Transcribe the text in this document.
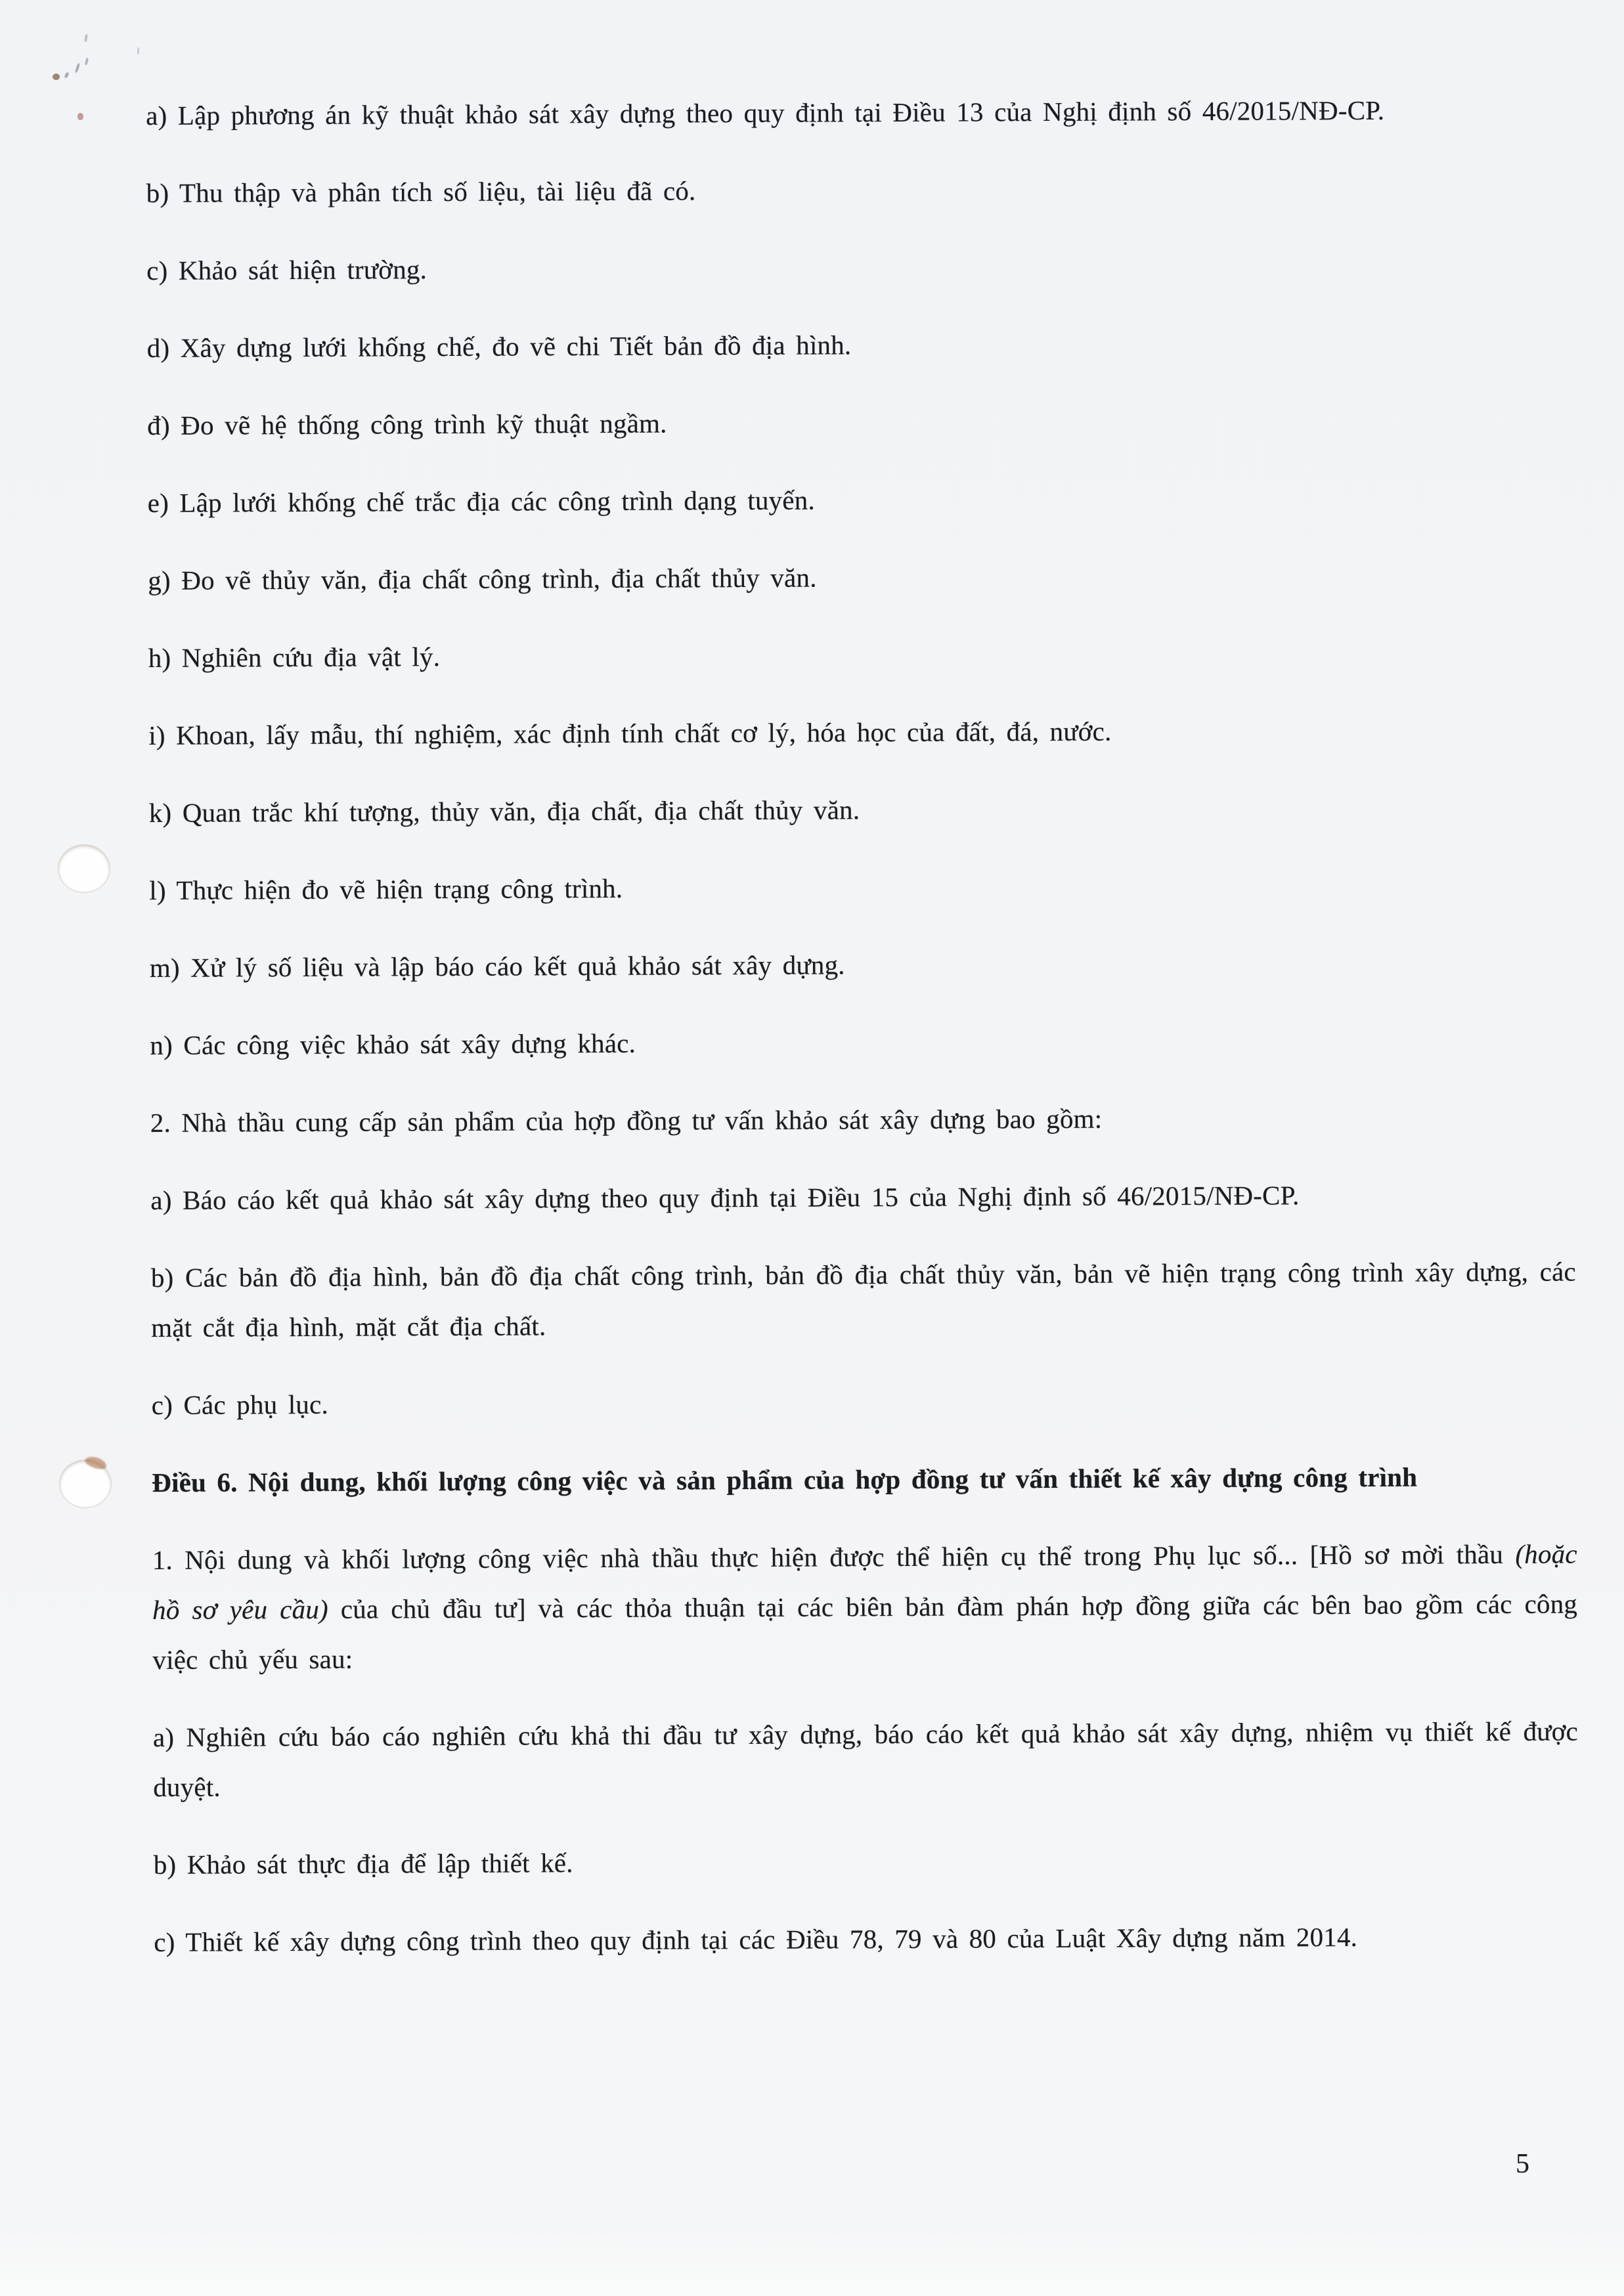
a) Lập phương án kỹ thuật khảo sát xây dựng theo quy định tại Điều 13 của Nghị định số 46/2015/NĐ-CP.
b) Thu thập và phân tích số liệu, tài liệu đã có.
c) Khảo sát hiện trường.
d) Xây dựng lưới khống chế, đo vẽ chi Tiết bản đồ địa hình.
đ) Đo vẽ hệ thống công trình kỹ thuật ngầm.
e) Lập lưới khống chế trắc địa các công trình dạng tuyến.
g) Đo vẽ thủy văn, địa chất công trình, địa chất thủy văn.
h) Nghiên cứu địa vật lý.
i) Khoan, lấy mẫu, thí nghiệm, xác định tính chất cơ lý, hóa học của đất, đá, nước.
k) Quan trắc khí tượng, thủy văn, địa chất, địa chất thủy văn.
l) Thực hiện đo vẽ hiện trạng công trình.
m) Xử lý số liệu và lập báo cáo kết quả khảo sát xây dựng.
n) Các công việc khảo sát xây dựng khác.
2. Nhà thầu cung cấp sản phẩm của hợp đồng tư vấn khảo sát xây dựng bao gồm:
a) Báo cáo kết quả khảo sát xây dựng theo quy định tại Điều 15 của Nghị định số 46/2015/NĐ-CP.
b) Các bản đồ địa hình, bản đồ địa chất công trình, bản đồ địa chất thủy văn, bản vẽ hiện trạng công trình xây dựng, các mặt cắt địa hình, mặt cắt địa chất.
c) Các phụ lục.
Điều 6. Nội dung, khối lượng công việc và sản phẩm của hợp đồng tư vấn thiết kế xây dựng công trình
1. Nội dung và khối lượng công việc nhà thầu thực hiện được thể hiện cụ thể trong Phụ lục số... [Hồ sơ mời thầu (hoặc hồ sơ yêu cầu) của chủ đầu tư] và các thỏa thuận tại các biên bản đàm phán hợp đồng giữa các bên bao gồm các công việc chủ yếu sau:
a) Nghiên cứu báo cáo nghiên cứu khả thi đầu tư xây dựng, báo cáo kết quả khảo sát xây dựng, nhiệm vụ thiết kế được duyệt.
b) Khảo sát thực địa để lập thiết kế.
c) Thiết kế xây dựng công trình theo quy định tại các Điều 78, 79 và 80 của Luật Xây dựng năm 2014.
5
